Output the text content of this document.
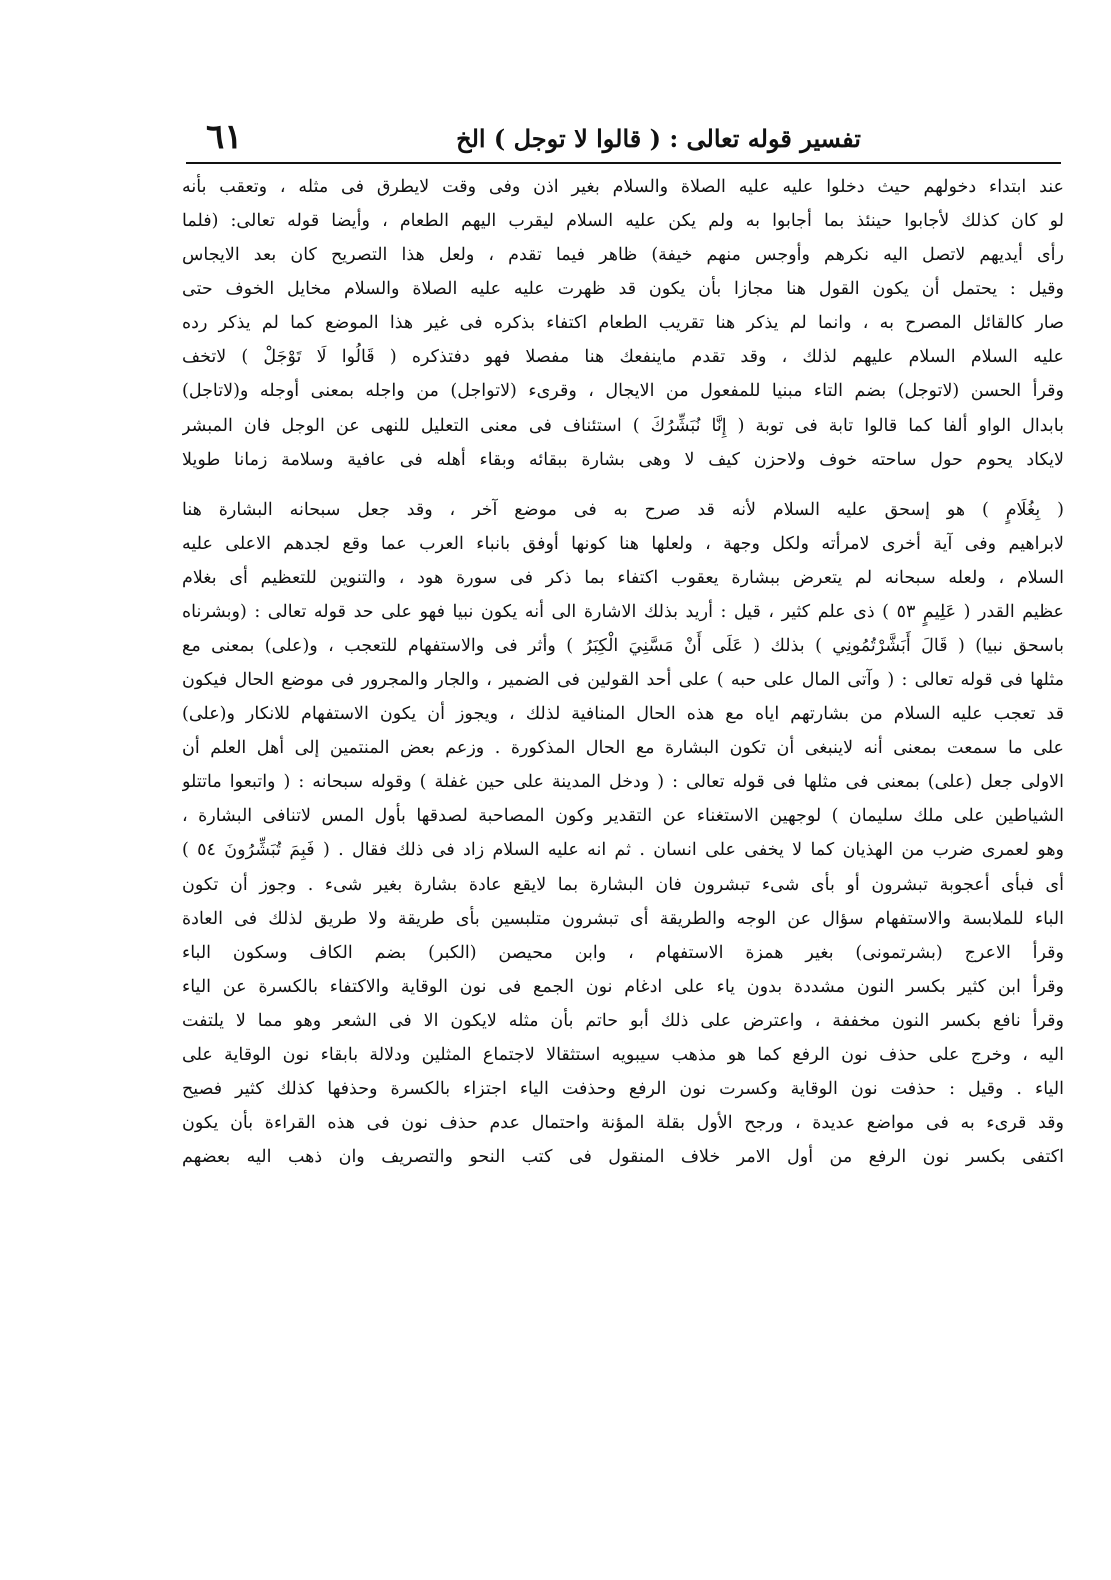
٦١	تفسير قوله تعالى : ( قالوا لا توجل ) الخ
عند ابتداء دخولهم حيث دخلوا عليه عليه الصلاة والسلام بغير اذن وفى وقت لايطرق فى مثله ، وتعقب بأنه
لو كان كذلك لأجابوا حينئذ بما أجابوا به ولم يكن عليه السلام ليقرب اليهم الطعام ، وأيضا قوله تعالى: (فلما
رأى أيديهم لاتصل اليه نكرهم وأوجس منهم خيفة) ظاهر فيما تقدم ، ولعل هذا التصريح كان بعد الايجاس
وقيل : يحتمل أن يكون القول هنا مجازا بأن يكون قد ظهرت عليه عليه الصلاة والسلام مخايل الخوف حتى
صار كالقائل المصرح به ، وانما لم يذكر هنا تقريب الطعام اكتفاء بذكره فى غير هذا الموضع كما لم يذكر رده
عليه السلام السلام عليهم لذلك ، وقد تقدم ماينفعك هنا مفصلا فهو دفتذكره ( قَالُوا لَا تَوْجَلْ ) لاتخف
وقرأ الحسن (لاتوجل) بضم التاء مبنيا للمفعول من الايجال ، وقرىء (لاتواجل) من واجله بمعنى أوجله و(لاتاجل)
بابدال الواو ألفا كما قالوا تابة فى توبة ( إِنَّا نُبَشِّرُكَ ) استئناف فى معنى التعليل للنهى عن الوجل فان المبشر
لايكاد يحوم حول ساحته خوف ولاحزن كيف لا وهى بشارة ببقائه وبقاء أهله فى عافية وسلامة زمانا طويلا
( بِغُلَامٍ ) هو إسحق عليه السلام لأنه قد صرح به فى موضع آخر ، وقد جعل سبحانه البشارة هنا
لابراهيم وفى آية أخرى لامرأته ولكل وجهة ، ولعلها هنا كونها أوفق بانباء العرب عما وقع لجدهم الاعلى عليه
السلام ، ولعله سبحانه لم يتعرض ببشارة يعقوب اكتفاء بما ذكر فى سورة هود ، والتنوين للتعظيم أى بغلام
عظيم القدر ( عَلِيمٍ ٥٣ ) ذى علم كثير ، قيل : أريد بذلك الاشارة الى أنه يكون نبيا فهو على حد قوله تعالى : (وبشرناه
باسحق نبيا) ( قَالَ أَبَشَّرْتُمُونِي ) بذلك ( عَلَى أَنْ مَسَّنِيَ الْكِبَرُ ) وأثر فى والاستفهام للتعجب ، و(على) بمعنى مع
مثلها فى قوله تعالى : ( وآتى المال على حبه ) على أحد القولين فى الضمير ، والجار والمجرور فى موضع الحال فيكون
قد تعجب عليه السلام من بشارتهم اياه مع هذه الحال المنافية لذلك ، ويجوز أن يكون الاستفهام للانكار و(على)
على ما سمعت بمعنى أنه لاينبغى أن تكون البشارة مع الحال المذكورة . وزعم بعض المنتمين إلى أهل العلم أن
الاولى جعل (على) بمعنى فى مثلها فى قوله تعالى : ( ودخل المدينة على حين غفلة ) وقوله سبحانه : ( واتبعوا ماتتلو
الشياطين على ملك سليمان ) لوجهين الاستغناء عن التقدير وكون المصاحبة لصدقها بأول المس لاتنافى البشارة ،
وهو لعمرى ضرب من الهذيان كما لا يخفى على انسان . ثم انه عليه السلام زاد فى ذلك فقال . ( فَبِمَ تُبَشِّرُونَ ٥٤ )
أى فبأى أعجوبة تبشرون أو بأى شىء تبشرون فان البشارة بما لايقع عادة بشارة بغير شىء . وجوز أن تكون
الباء للملابسة والاستفهام سؤال عن الوجه والطريقة أى تبشرون متلبسين بأى طريقة ولا طريق لذلك فى العادة
وقرأ الاعرج (بشرتمونى) بغير همزة الاستفهام ، وابن محيصن (الكبر) بضم الكاف وسكون الباء
وقرأ ابن كثير بكسر النون مشددة بدون ياء على ادغام نون الجمع فى نون الوقاية والاكتفاء بالكسرة عن الياء
وقرأ نافع بكسر النون مخففة ، واعترض على ذلك أبو حاتم بأن مثله لايكون الا فى الشعر وهو مما لا يلتفت
اليه ، وخرج على حذف نون الرفع كما هو مذهب سيبويه استثقالا لاجتماع المثلين ودلالة بابقاء نون الوقاية على
الياء . وقيل : حذفت نون الوقاية وكسرت نون الرفع وحذفت الياء اجتزاء بالكسرة وحذفها كذلك كثير فصيح
وقد قرىء به فى مواضع عديدة ، ورجح الأول بقلة المؤنة واحتمال عدم حذف نون فى هذه القراءة بأن يكون
اكتفى بكسر نون الرفع من أول الامر خلاف المنقول فى كتب النحو والتصريف وان ذهب اليه بعضهم
